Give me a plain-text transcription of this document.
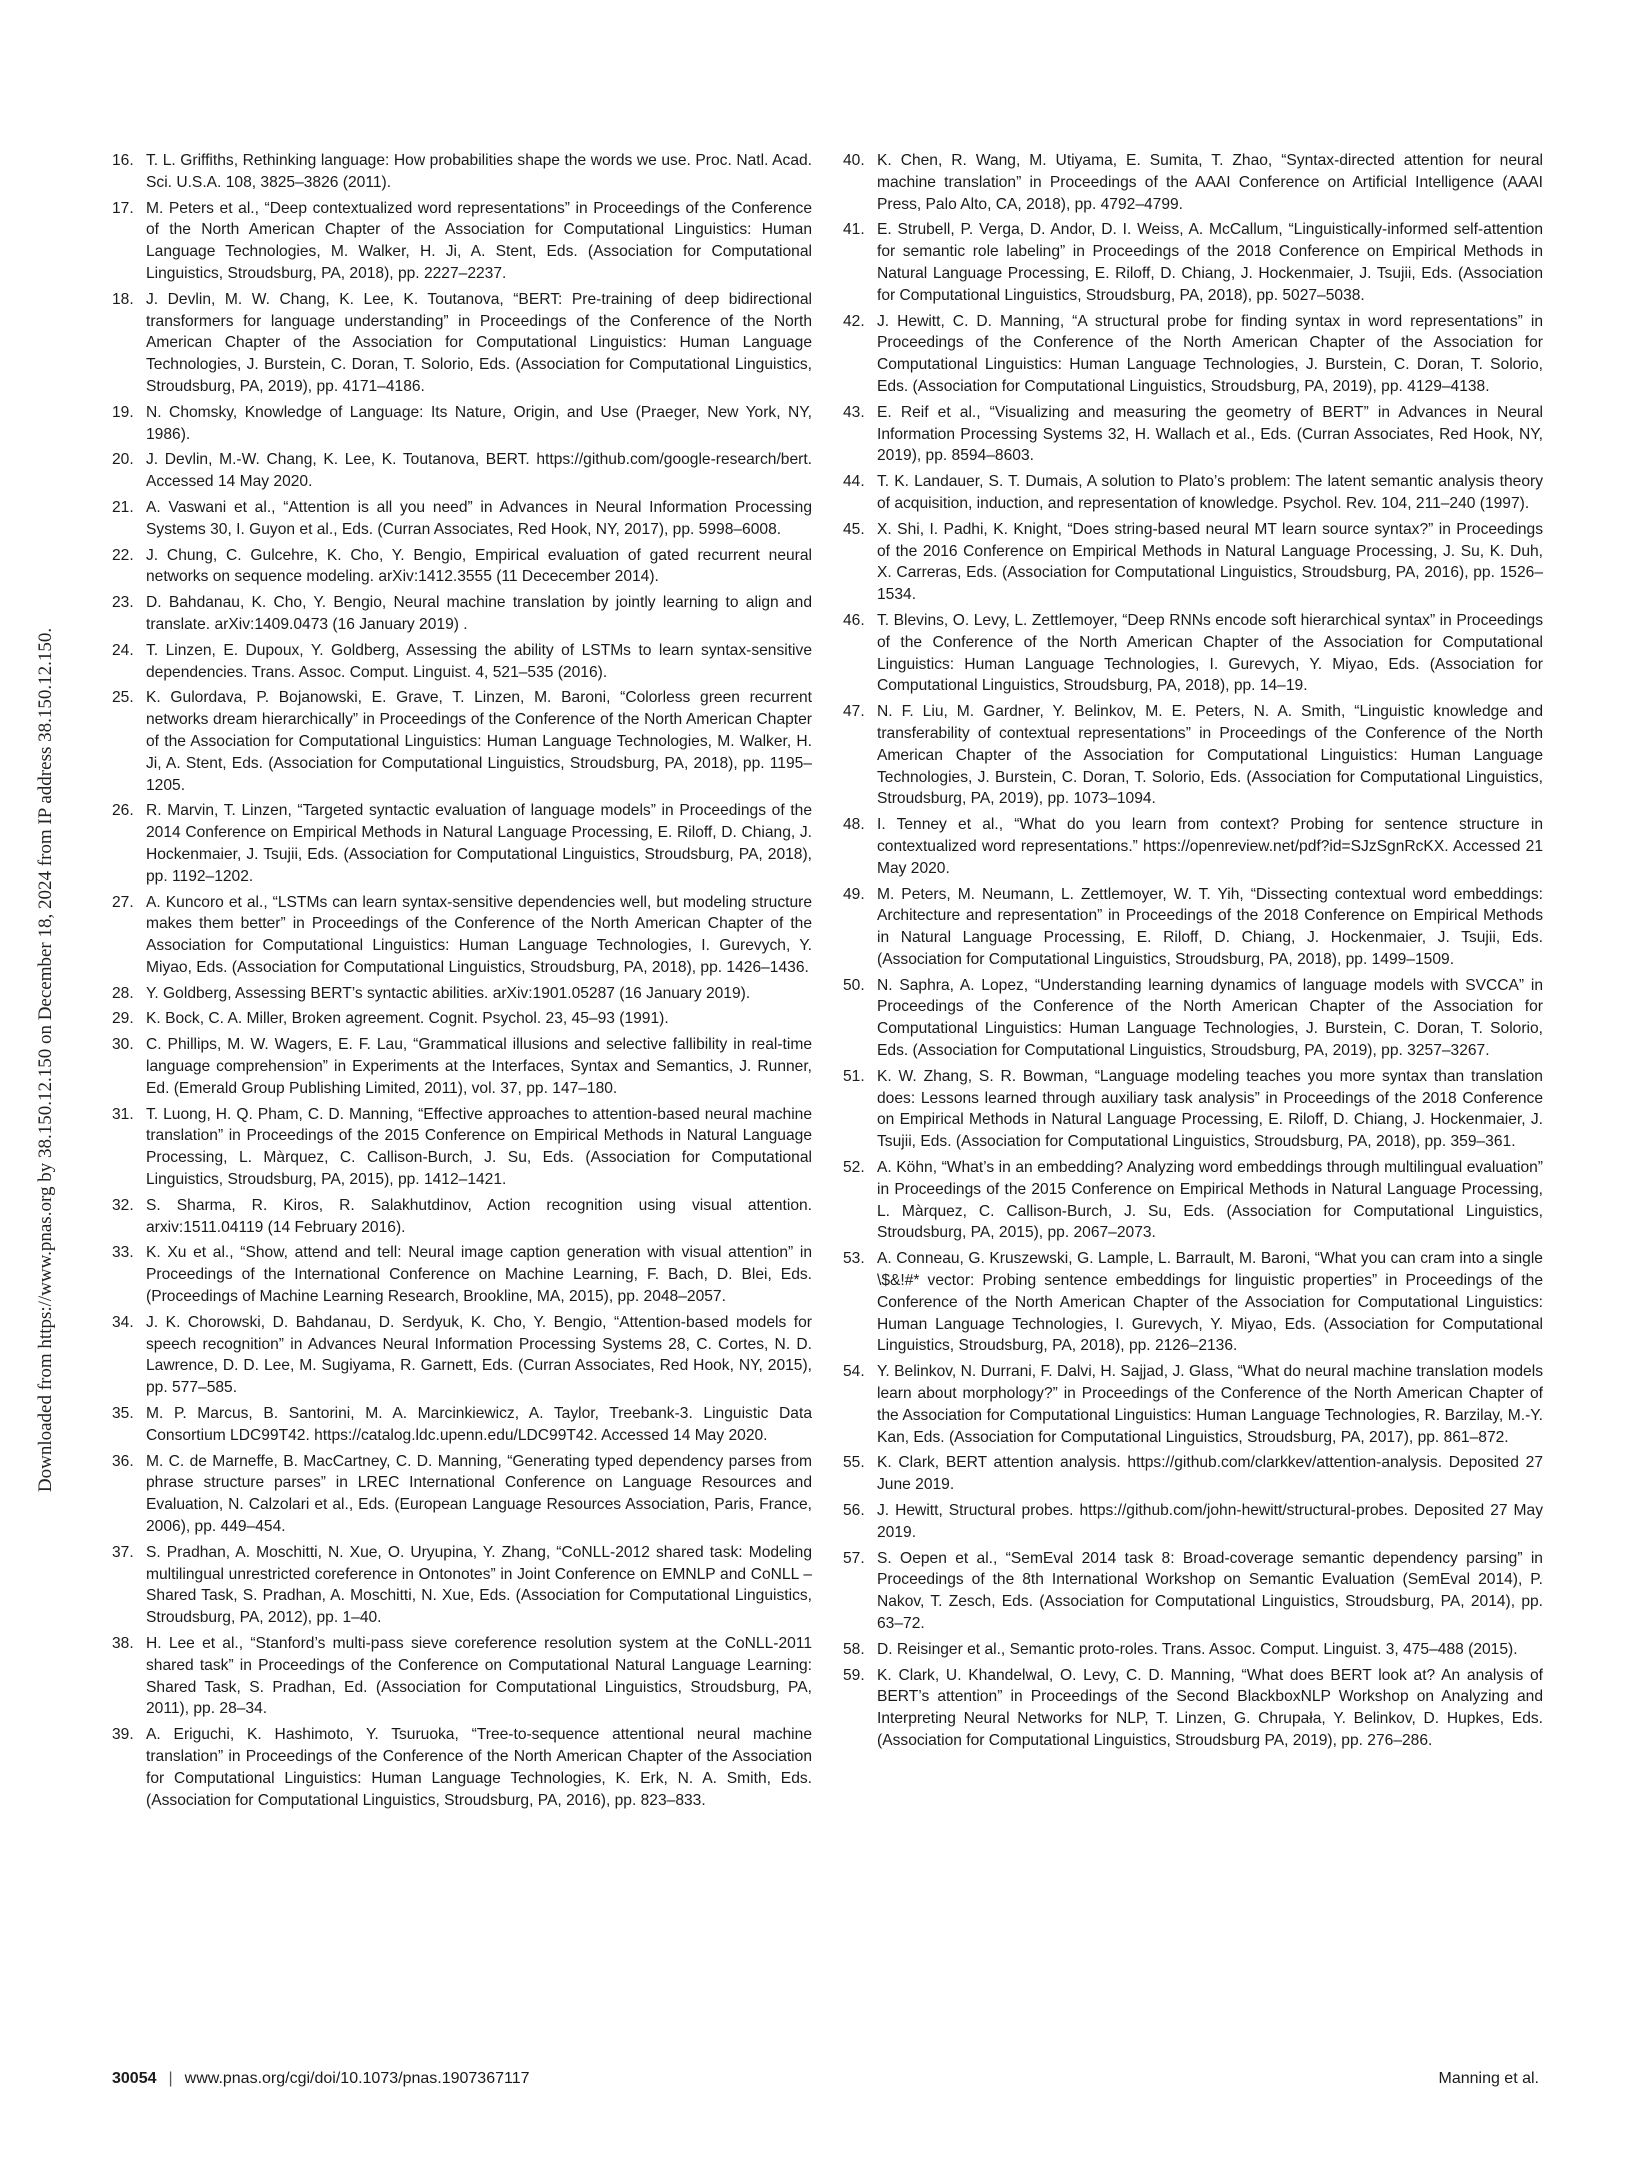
Downloaded from https://www.pnas.org by 38.150.12.150 on December 18, 2024 from IP address 38.150.12.150.
16. T. L. Griffiths, Rethinking language: How probabilities shape the words we use. Proc. Natl. Acad. Sci. U.S.A. 108, 3825–3826 (2011).
17. M. Peters et al., “Deep contextualized word representations” in Proceedings of the Conference of the North American Chapter of the Association for Computational Linguistics: Human Language Technologies, M. Walker, H. Ji, A. Stent, Eds. (Association for Computational Linguistics, Stroudsburg, PA, 2018), pp. 2227–2237.
18. J. Devlin, M. W. Chang, K. Lee, K. Toutanova, “BERT: Pre-training of deep bidirectional transformers for language understanding” in Proceedings of the Conference of the North American Chapter of the Association for Computational Linguistics: Human Language Technologies, J. Burstein, C. Doran, T. Solorio, Eds. (Association for Computational Linguistics, Stroudsburg, PA, 2019), pp. 4171–4186.
19. N. Chomsky, Knowledge of Language: Its Nature, Origin, and Use (Praeger, New York, NY, 1986).
20. J. Devlin, M.-W. Chang, K. Lee, K. Toutanova, BERT. https://github.com/google-research/bert. Accessed 14 May 2020.
21. A. Vaswani et al., “Attention is all you need” in Advances in Neural Information Processing Systems 30, I. Guyon et al., Eds. (Curran Associates, Red Hook, NY, 2017), pp. 5998–6008.
22. J. Chung, C. Gulcehre, K. Cho, Y. Bengio, Empirical evaluation of gated recurrent neural networks on sequence modeling. arXiv:1412.3555 (11 Dececember 2014).
23. D. Bahdanau, K. Cho, Y. Bengio, Neural machine translation by jointly learning to align and translate. arXiv:1409.0473 (16 January 2019) .
24. T. Linzen, E. Dupoux, Y. Goldberg, Assessing the ability of LSTMs to learn syntax-sensitive dependencies. Trans. Assoc. Comput. Linguist. 4, 521–535 (2016).
25. K. Gulordava, P. Bojanowski, E. Grave, T. Linzen, M. Baroni, “Colorless green recurrent networks dream hierarchically” in Proceedings of the Conference of the North American Chapter of the Association for Computational Linguistics: Human Language Technologies, M. Walker, H. Ji, A. Stent, Eds. (Association for Computational Linguistics, Stroudsburg, PA, 2018), pp. 1195–1205.
26. R. Marvin, T. Linzen, “Targeted syntactic evaluation of language models” in Proceedings of the 2014 Conference on Empirical Methods in Natural Language Processing, E. Riloff, D. Chiang, J. Hockenmaier, J. Tsujii, Eds. (Association for Computational Linguistics, Stroudsburg, PA, 2018), pp. 1192–1202.
27. A. Kuncoro et al., “LSTMs can learn syntax-sensitive dependencies well, but modeling structure makes them better” in Proceedings of the Conference of the North American Chapter of the Association for Computational Linguistics: Human Language Technologies, I. Gurevych, Y. Miyao, Eds. (Association for Computational Linguistics, Stroudsburg, PA, 2018), pp. 1426–1436.
28. Y. Goldberg, Assessing BERT’s syntactic abilities. arXiv:1901.05287 (16 January 2019).
29. K. Bock, C. A. Miller, Broken agreement. Cognit. Psychol. 23, 45–93 (1991).
30. C. Phillips, M. W. Wagers, E. F. Lau, “Grammatical illusions and selective fallibility in real-time language comprehension” in Experiments at the Interfaces, Syntax and Semantics, J. Runner, Ed. (Emerald Group Publishing Limited, 2011), vol. 37, pp. 147–180.
31. T. Luong, H. Q. Pham, C. D. Manning, “Effective approaches to attention-based neural machine translation” in Proceedings of the 2015 Conference on Empirical Methods in Natural Language Processing, L. Màrquez, C. Callison-Burch, J. Su, Eds. (Association for Computational Linguistics, Stroudsburg, PA, 2015), pp. 1412–1421.
32. S. Sharma, R. Kiros, R. Salakhutdinov, Action recognition using visual attention. arxiv:1511.04119 (14 February 2016).
33. K. Xu et al., “Show, attend and tell: Neural image caption generation with visual attention” in Proceedings of the International Conference on Machine Learning, F. Bach, D. Blei, Eds. (Proceedings of Machine Learning Research, Brookline, MA, 2015), pp. 2048–2057.
34. J. K. Chorowski, D. Bahdanau, D. Serdyuk, K. Cho, Y. Bengio, “Attention-based models for speech recognition” in Advances Neural Information Processing Systems 28, C. Cortes, N. D. Lawrence, D. D. Lee, M. Sugiyama, R. Garnett, Eds. (Curran Associates, Red Hook, NY, 2015), pp. 577–585.
35. M. P. Marcus, B. Santorini, M. A. Marcinkiewicz, A. Taylor, Treebank-3. Linguistic Data Consortium LDC99T42. https://catalog.ldc.upenn.edu/LDC99T42. Accessed 14 May 2020.
36. M. C. de Marneffe, B. MacCartney, C. D. Manning, “Generating typed dependency parses from phrase structure parses” in LREC International Conference on Language Resources and Evaluation, N. Calzolari et al., Eds. (European Language Resources Association, Paris, France, 2006), pp. 449–454.
37. S. Pradhan, A. Moschitti, N. Xue, O. Uryupina, Y. Zhang, “CoNLL-2012 shared task: Modeling multilingual unrestricted coreference in Ontonotes” in Joint Conference on EMNLP and CoNLL – Shared Task, S. Pradhan, A. Moschitti, N. Xue, Eds. (Association for Computational Linguistics, Stroudsburg, PA, 2012), pp. 1–40.
38. H. Lee et al., “Stanford’s multi-pass sieve coreference resolution system at the CoNLL-2011 shared task” in Proceedings of the Conference on Computational Natural Language Learning: Shared Task, S. Pradhan, Ed. (Association for Computational Linguistics, Stroudsburg, PA, 2011), pp. 28–34.
39. A. Eriguchi, K. Hashimoto, Y. Tsuruoka, “Tree-to-sequence attentional neural machine translation” in Proceedings of the Conference of the North American Chapter of the Association for Computational Linguistics: Human Language Technologies, K. Erk, N. A. Smith, Eds. (Association for Computational Linguistics, Stroudsburg, PA, 2016), pp. 823–833.
40. K. Chen, R. Wang, M. Utiyama, E. Sumita, T. Zhao, “Syntax-directed attention for neural machine translation” in Proceedings of the AAAI Conference on Artificial Intelligence (AAAI Press, Palo Alto, CA, 2018), pp. 4792–4799.
41. E. Strubell, P. Verga, D. Andor, D. I. Weiss, A. McCallum, “Linguistically-informed self-attention for semantic role labeling” in Proceedings of the 2018 Conference on Empirical Methods in Natural Language Processing, E. Riloff, D. Chiang, J. Hockenmaier, J. Tsujii, Eds. (Association for Computational Linguistics, Stroudsburg, PA, 2018), pp. 5027–5038.
42. J. Hewitt, C. D. Manning, “A structural probe for finding syntax in word representations” in Proceedings of the Conference of the North American Chapter of the Association for Computational Linguistics: Human Language Technologies, J. Burstein, C. Doran, T. Solorio, Eds. (Association for Computational Linguistics, Stroudsburg, PA, 2019), pp. 4129–4138.
43. E. Reif et al., “Visualizing and measuring the geometry of BERT” in Advances in Neural Information Processing Systems 32, H. Wallach et al., Eds. (Curran Associates, Red Hook, NY, 2019), pp. 8594–8603.
44. T. K. Landauer, S. T. Dumais, A solution to Plato’s problem: The latent semantic analysis theory of acquisition, induction, and representation of knowledge. Psychol. Rev. 104, 211–240 (1997).
45. X. Shi, I. Padhi, K. Knight, “Does string-based neural MT learn source syntax?” in Proceedings of the 2016 Conference on Empirical Methods in Natural Language Processing, J. Su, K. Duh, X. Carreras, Eds. (Association for Computational Linguistics, Stroudsburg, PA, 2016), pp. 1526–1534.
46. T. Blevins, O. Levy, L. Zettlemoyer, “Deep RNNs encode soft hierarchical syntax” in Proceedings of the Conference of the North American Chapter of the Association for Computational Linguistics: Human Language Technologies, I. Gurevych, Y. Miyao, Eds. (Association for Computational Linguistics, Stroudsburg, PA, 2018), pp. 14–19.
47. N. F. Liu, M. Gardner, Y. Belinkov, M. E. Peters, N. A. Smith, “Linguistic knowledge and transferability of contextual representations” in Proceedings of the Conference of the North American Chapter of the Association for Computational Linguistics: Human Language Technologies, J. Burstein, C. Doran, T. Solorio, Eds. (Association for Computational Linguistics, Stroudsburg, PA, 2019), pp. 1073–1094.
48. I. Tenney et al., “What do you learn from context? Probing for sentence structure in contextualized word representations.” https://openreview.net/pdf?id=SJzSgnRcKX. Accessed 21 May 2020.
49. M. Peters, M. Neumann, L. Zettlemoyer, W. T. Yih, “Dissecting contextual word embeddings: Architecture and representation” in Proceedings of the 2018 Conference on Empirical Methods in Natural Language Processing, E. Riloff, D. Chiang, J. Hockenmaier, J. Tsujii, Eds. (Association for Computational Linguistics, Stroudsburg, PA, 2018), pp. 1499–1509.
50. N. Saphra, A. Lopez, “Understanding learning dynamics of language models with SVCCA” in Proceedings of the Conference of the North American Chapter of the Association for Computational Linguistics: Human Language Technologies, J. Burstein, C. Doran, T. Solorio, Eds. (Association for Computational Linguistics, Stroudsburg, PA, 2019), pp. 3257–3267.
51. K. W. Zhang, S. R. Bowman, “Language modeling teaches you more syntax than translation does: Lessons learned through auxiliary task analysis” in Proceedings of the 2018 Conference on Empirical Methods in Natural Language Processing, E. Riloff, D. Chiang, J. Hockenmaier, J. Tsujii, Eds. (Association for Computational Linguistics, Stroudsburg, PA, 2018), pp. 359–361.
52. A. Köhn, “What’s in an embedding? Analyzing word embeddings through multilingual evaluation” in Proceedings of the 2015 Conference on Empirical Methods in Natural Language Processing, L. Màrquez, C. Callison-Burch, J. Su, Eds. (Association for Computational Linguistics, Stroudsburg, PA, 2015), pp. 2067–2073.
53. A. Conneau, G. Kruszewski, G. Lample, L. Barrault, M. Baroni, “What you can cram into a single \$&!#* vector: Probing sentence embeddings for linguistic properties” in Proceedings of the Conference of the North American Chapter of the Association for Computational Linguistics: Human Language Technologies, I. Gurevych, Y. Miyao, Eds. (Association for Computational Linguistics, Stroudsburg, PA, 2018), pp. 2126–2136.
54. Y. Belinkov, N. Durrani, F. Dalvi, H. Sajjad, J. Glass, “What do neural machine translation models learn about morphology?” in Proceedings of the Conference of the North American Chapter of the Association for Computational Linguistics: Human Language Technologies, R. Barzilay, M.-Y. Kan, Eds. (Association for Computational Linguistics, Stroudsburg, PA, 2017), pp. 861–872.
55. K. Clark, BERT attention analysis. https://github.com/clarkkev/attention-analysis. Deposited 27 June 2019.
56. J. Hewitt, Structural probes. https://github.com/john-hewitt/structural-probes. Deposited 27 May 2019.
57. S. Oepen et al., “SemEval 2014 task 8: Broad-coverage semantic dependency parsing” in Proceedings of the 8th International Workshop on Semantic Evaluation (SemEval 2014), P. Nakov, T. Zesch, Eds. (Association for Computational Linguistics, Stroudsburg, PA, 2014), pp. 63–72.
58. D. Reisinger et al., Semantic proto-roles. Trans. Assoc. Comput. Linguist. 3, 475–488 (2015).
59. K. Clark, U. Khandelwal, O. Levy, C. D. Manning, “What does BERT look at? An analysis of BERT’s attention” in Proceedings of the Second BlackboxNLP Workshop on Analyzing and Interpreting Neural Networks for NLP, T. Linzen, G. Chrupała, Y. Belinkov, D. Hupkes, Eds. (Association for Computational Linguistics, Stroudsburg PA, 2019), pp. 276–286.
30054 | www.pnas.org/cgi/doi/10.1073/pnas.1907367117	Manning et al.
